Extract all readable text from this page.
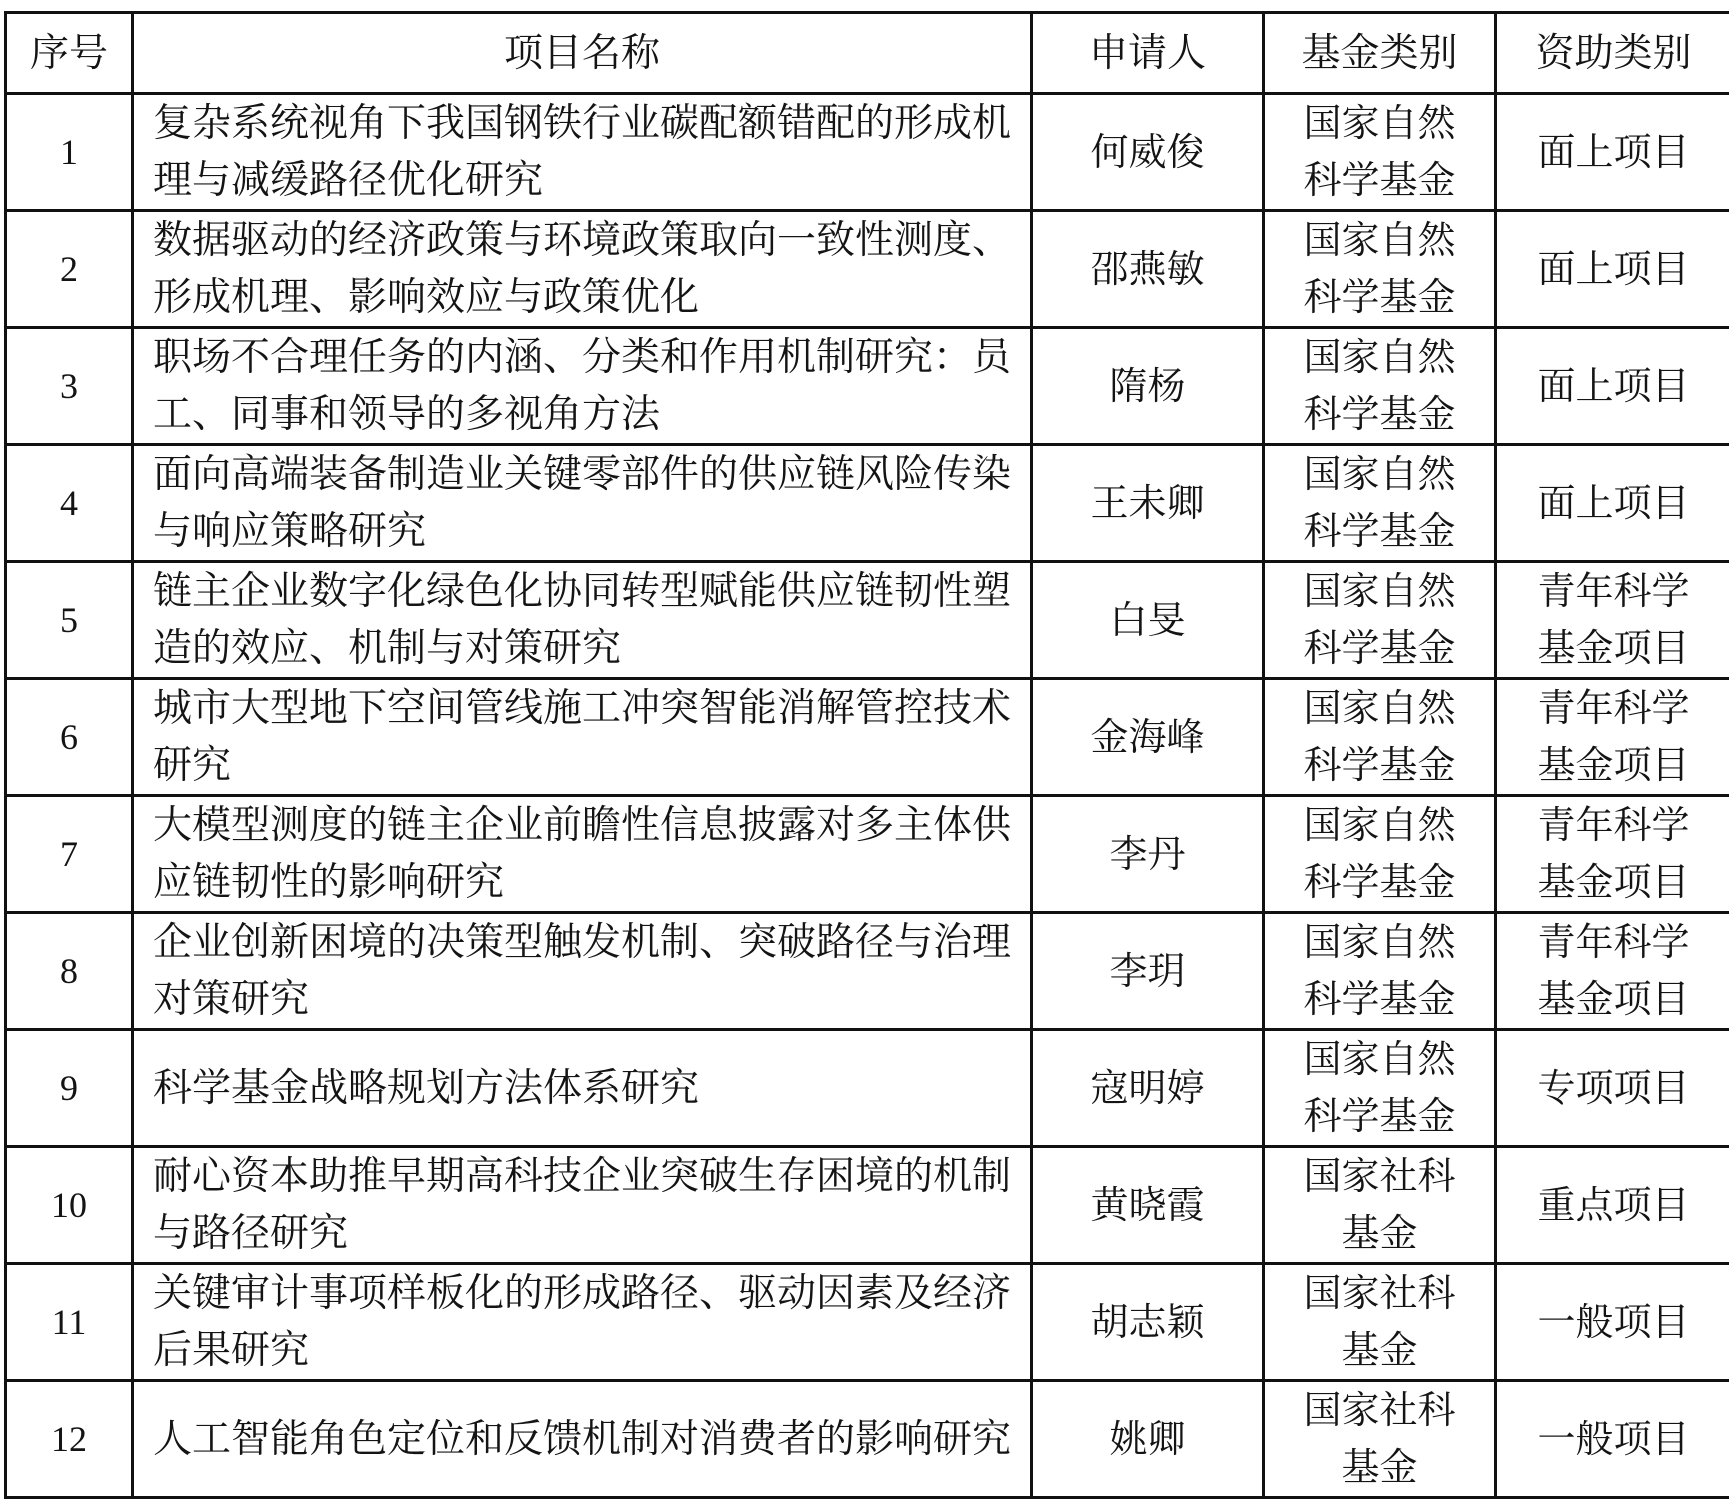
序号	项目名称	申请人	基金类别	资助类别
1	复杂系统视角下我国钢铁行业碳配额错配的形成机理与减缓路径优化研究	何威俊	国家自然科学基金	面上项目
2	数据驱动的经济政策与环境政策取向一致性测度、形成机理、影响效应与政策优化	邵燕敏	国家自然科学基金	面上项目
3	职场不合理任务的内涵、分类和作用机制研究：员工、同事和领导的多视角方法	隋杨	国家自然科学基金	面上项目
4	面向高端装备制造业关键零部件的供应链风险传染与响应策略研究	王未卿	国家自然科学基金	面上项目
5	链主企业数字化绿色化协同转型赋能供应链韧性塑造的效应、机制与对策研究	白旻	国家自然科学基金	青年科学基金项目
6	城市大型地下空间管线施工冲突智能消解管控技术研究	金海峰	国家自然科学基金	青年科学基金项目
7	大模型测度的链主企业前瞻性信息披露对多主体供应链韧性的影响研究	李丹	国家自然科学基金	青年科学基金项目
8	企业创新困境的决策型触发机制、突破路径与治理对策研究	李玥	国家自然科学基金	青年科学基金项目
9	科学基金战略规划方法体系研究	寇明婷	国家自然科学基金	专项项目
10	耐心资本助推早期高科技企业突破生存困境的机制与路径研究	黄晓霞	国家社科基金	重点项目
11	关键审计事项样板化的形成路径、驱动因素及经济后果研究	胡志颖	国家社科基金	一般项目
12	人工智能角色定位和反馈机制对消费者的影响研究	姚卿	国家社科基金	一般项目
